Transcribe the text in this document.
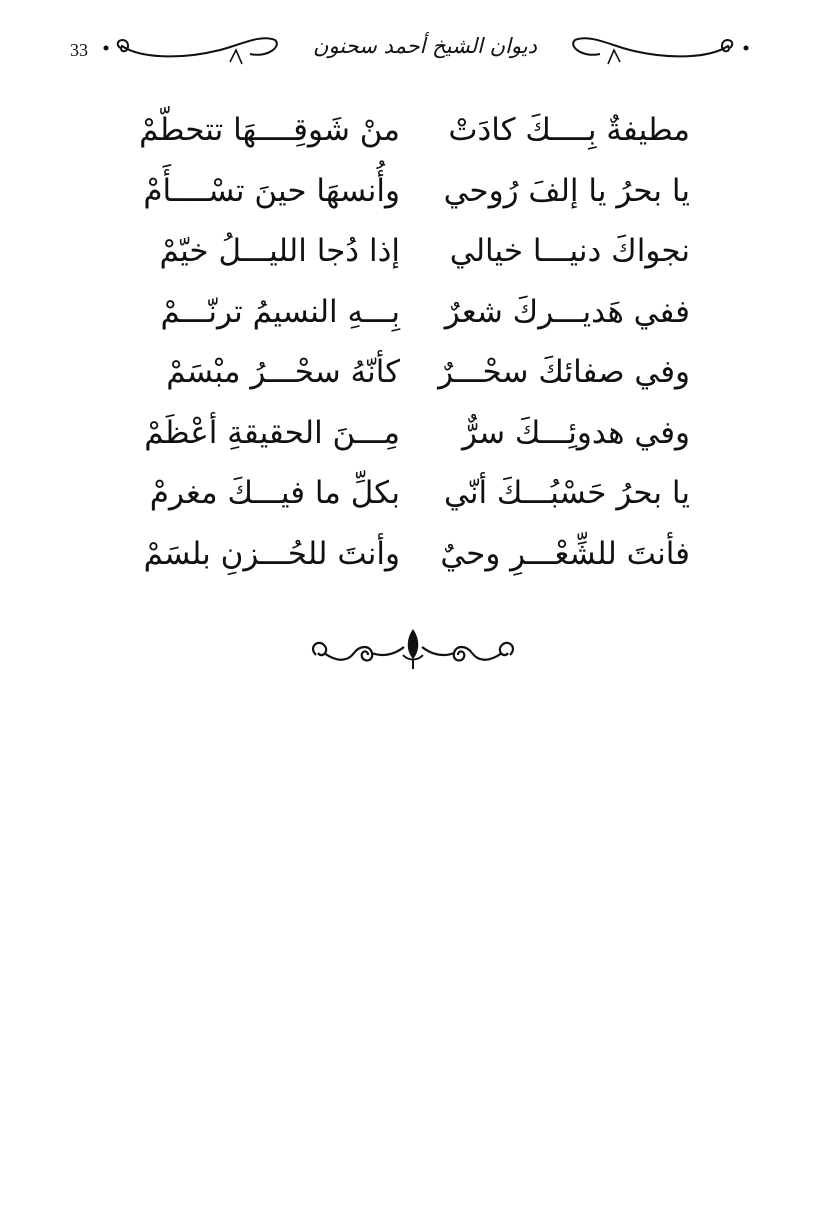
33	ديوان الشيخ أحمد سحنون
مطيفةٌ بِــــكَ كادَتْ
منْ شَوقِــــهَا تتحطّمْ
يا بحرُ يا إلفَ رُوحي
وأُنسهَا حينَ تسْــــأَمْ
نجواكَ دنيـــا خيالي
إذا دُجا الليـــلُ خيّمْ
ففي هَديـــركَ شعرٌ
بِـــهِ النسيمُ ترنّـــمْ
وفي صفائكَ سحْـــرٌ
كأنّهُ سحْـــرُ مبْسَمْ
وفي هدوئِـــكَ سرٌّ
مِـــنَ الحقيقةِ أعْظَمْ
يا بحرُ حَسْبُـــكَ أنّي
بكلِّ ما فيـــكَ مغرمْ
فأنتَ للشِّعْـــرِ وحيٌ
وأنتَ للحُـــزنِ بلسَمْ
